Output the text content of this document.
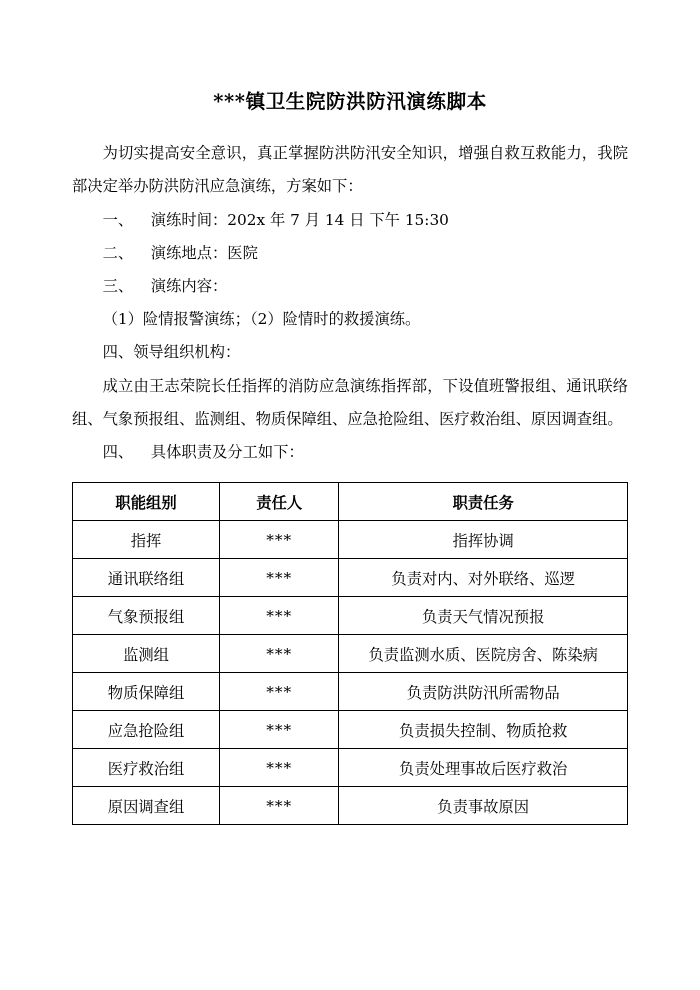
***镇卫生院防洪防汛演练脚本

为切实提高安全意识，真正掌握防洪防汛安全知识，增强自救互救能力，我院部决定举办防洪防汛应急演练，方案如下：

一、 演练时间：202x 年 7 月 14 日 下午 15:30

二、 演练地点：医院

三、 演练内容：

（1）险情报警演练；（2）险情时的救援演练。

四、领导组织机构：

成立由王志荣院长任指挥的消防应急演练指挥部，下设值班警报组、通讯联络组、气象预报组、监测组、物质保障组、应急抢险组、医疗救治组、原因调查组。

四、 具体职责及分工如下：

职能组别	责任人	职责任务
指挥	***	指挥协调
通讯联络组	***	负责对内、对外联络、巡逻
气象预报组	***	负责天气情况预报
监测组	***	负责监测水质、医院房舍、陈染病
物质保障组	***	负责防洪防汛所需物品
应急抢险组	***	负责损失控制、物质抢救
医疗救治组	***	负责处理事故后医疗救治
原因调查组	***	负责事故原因
